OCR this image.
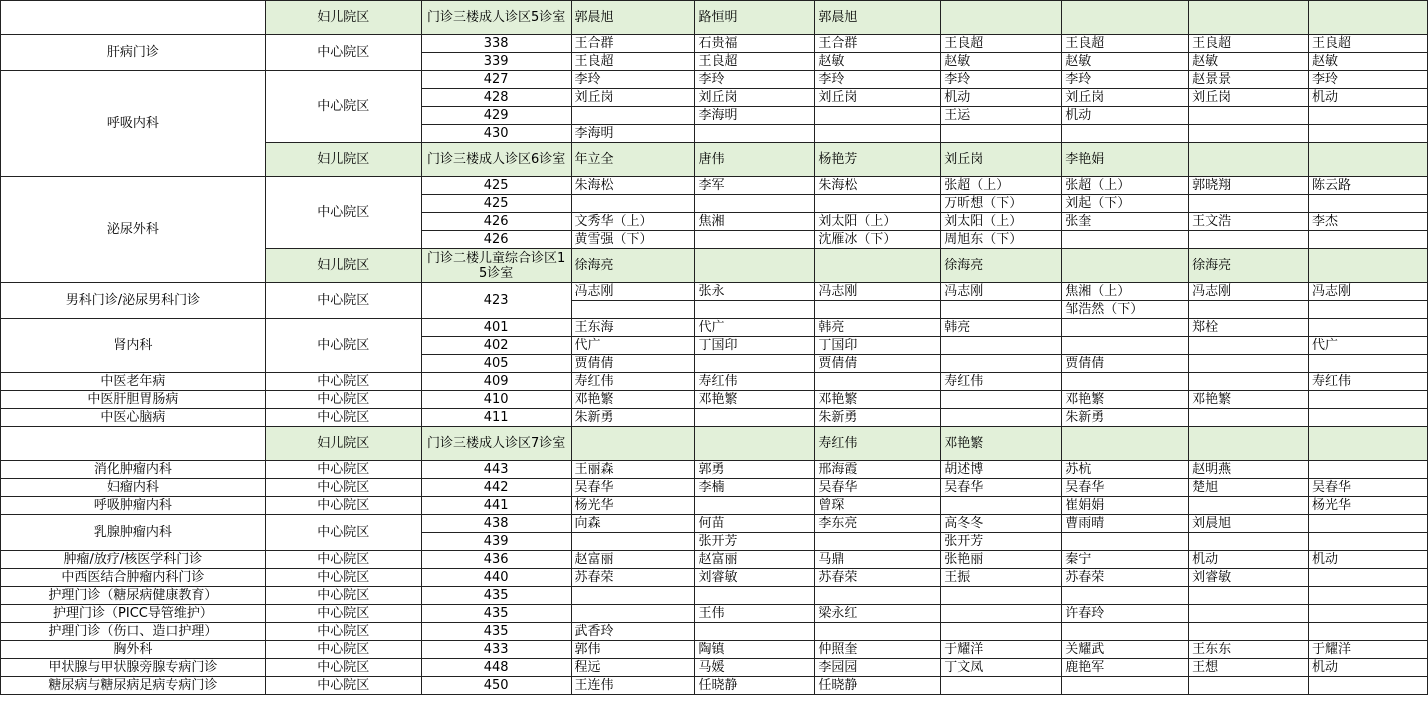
	妇儿院区	门诊三楼成人诊区5诊室	郭晨旭	路恒明	郭晨旭				
肝病门诊	中心院区	338	王合群	石贵福	王合群	王良超	王良超	王良超	王良超
		339	王良超	王良超	赵敏	赵敏	赵敏	赵敏	赵敏
呼吸内科	中心院区	427	李玲	李玲	李玲	李玲	李玲	赵景景	李玲
		428	刘丘岗	刘丘岗	刘丘岗	机动	刘丘岗	刘丘岗	机动
		429		李海明		王运	机动		
		430	李海明						
	妇儿院区	门诊三楼成人诊区6诊室	年立全	唐伟	杨艳芳	刘丘岗	李艳娟		
泌尿外科	中心院区	425	朱海松	李军	朱海松	张超（上）	张超（上）	郭晓翔	陈云路
		425				万昕想（下）	刘起（下）		
		426	文秀华（上）	焦湘	刘太阳（上）	刘太阳（上）	张奎	王文浩	李杰
		426	黄雪强（下）		沈雁冰（下）	周旭东（下）			
	妇儿院区	门诊二楼儿童综合诊区15诊室	徐海亮			徐海亮		徐海亮	
男科门诊/泌尿男科门诊	中心院区	423	冯志刚	张永	冯志刚	冯志刚	焦湘（上）	冯志刚	冯志刚
							邹浩然（下）		
肾内科	中心院区	401	王东海	代广	韩亮	韩亮		郑栓	
		402	代广	丁国印	丁国印				代广
		405	贾倩倩		贾倩倩		贾倩倩		
中医老年病	中心院区	409	寿红伟	寿红伟		寿红伟			寿红伟
中医肝胆胃肠病	中心院区	410	邓艳繁	邓艳繁	邓艳繁		邓艳繁	邓艳繁	
中医心脑病	中心院区	411	朱新勇		朱新勇		朱新勇		
	妇儿院区	门诊三楼成人诊区7诊室			寿红伟	邓艳繁			
消化肿瘤内科	中心院区	443	王丽森	郭勇	邢海霞	胡述博	苏杭	赵明燕	
妇瘤内科	中心院区	442	吴春华	李楠	吴春华	吴春华	吴春华	楚旭	吴春华
呼吸肿瘤内科	中心院区	441	杨光华		曾琛		崔娟娟		杨光华
乳腺肿瘤内科	中心院区	438	向森	何苗	李东亮	高冬冬	曹雨晴	刘晨旭	
		439		张开芳		张开芳			
肿瘤/放疗/核医学科门诊	中心院区	436	赵富丽	赵富丽	马鼎	张艳丽	秦宁	机动	机动
中西医结合肿瘤内科门诊	中心院区	440	苏春荣	刘睿敏	苏春荣	王振	苏春荣	刘睿敏	
护理门诊（糖尿病健康教育）	中心院区	435							
护理门诊（PICC导管维护）	中心院区	435		王伟	梁永红		许春玲		
护理门诊（伤口、造口护理）	中心院区	435	武香玲						
胸外科	中心院区	433	郭伟	陶镇	仲照奎	于耀洋	关耀武	王东东	于耀洋
甲状腺与甲状腺旁腺专病门诊	中心院区	448	程远	马媛	李园园	丁文凤	鹿艳军	王想	机动
糖尿病与糖尿病足病专病门诊	中心院区	450	王连伟	任晓静	任晓静				
